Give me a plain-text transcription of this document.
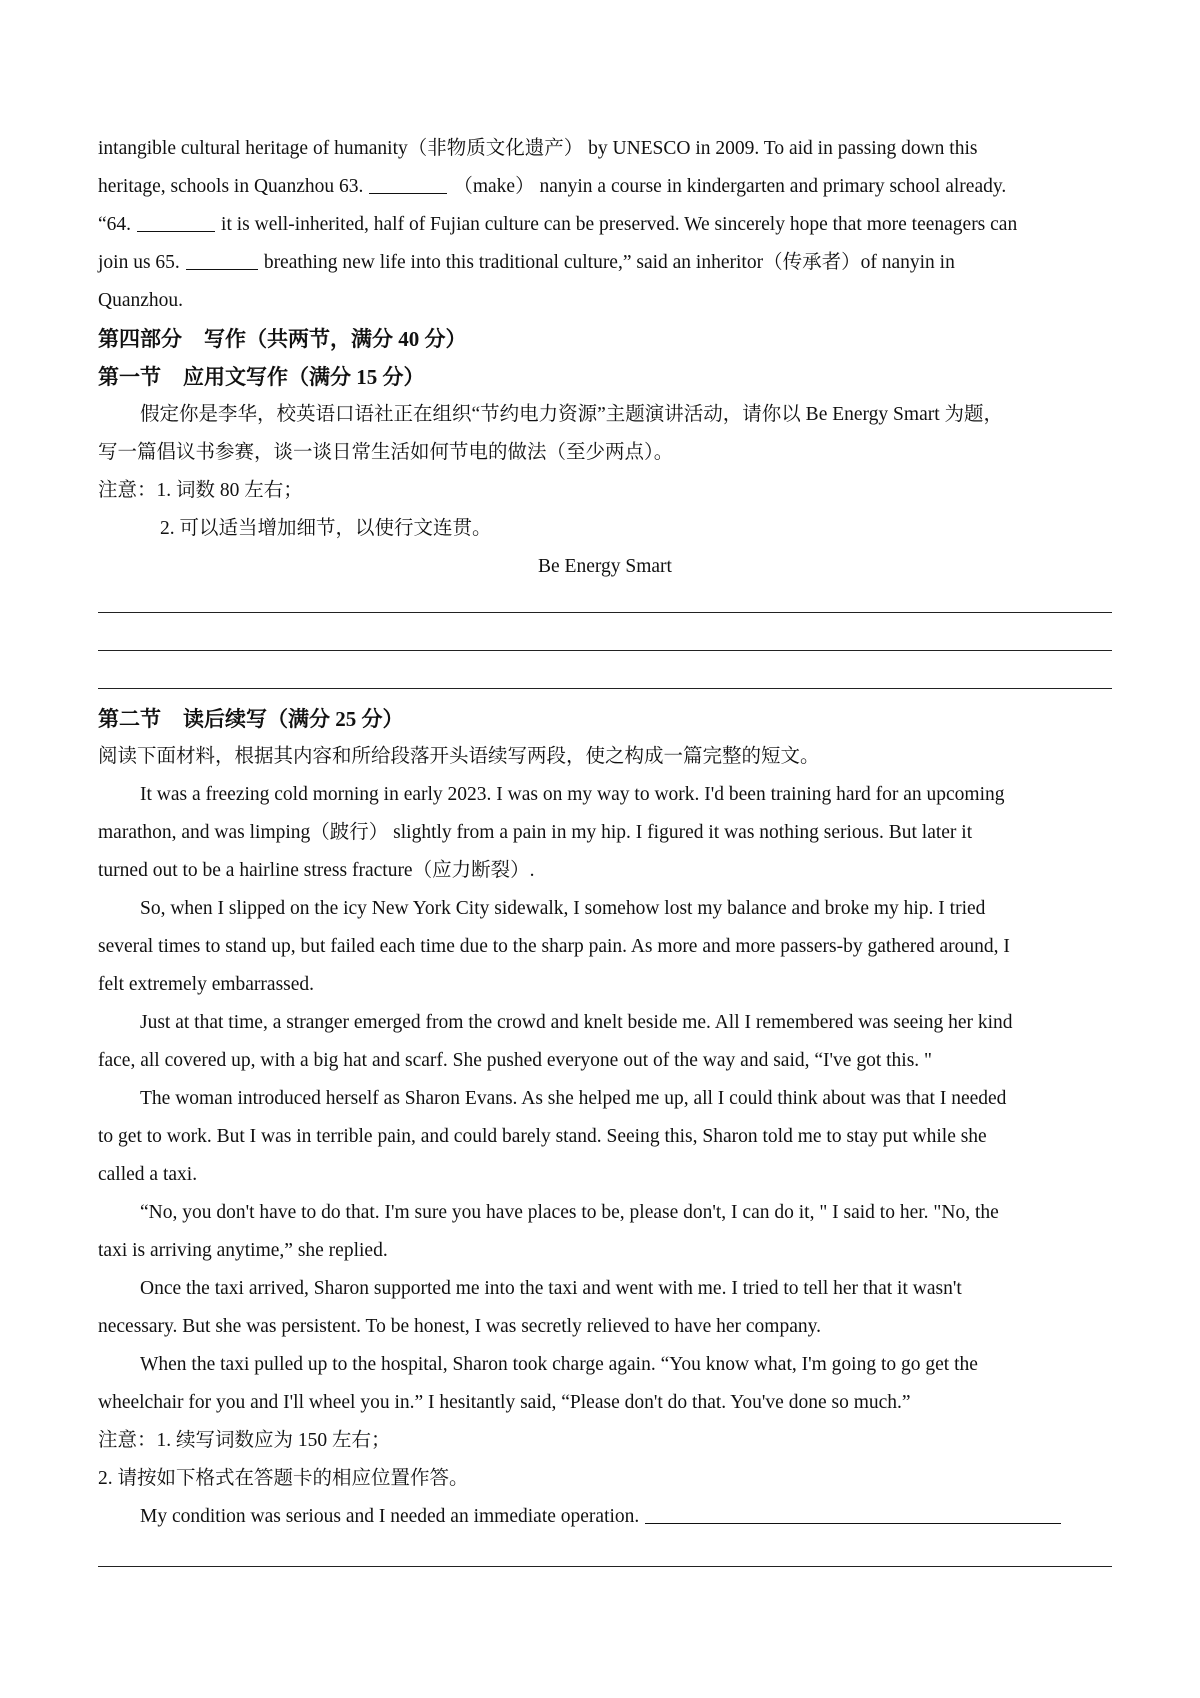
intangible cultural heritage of humanity（非物质文化遗产） by UNESCO in 2009. To aid in passing down this

heritage, schools in Quanzhou 63.	（make） nanyin a course in kindergarten and primary school already.

“64.	it is well-inherited, half of Fujian culture can be preserved. We sincerely hope that more teenagers can

join us 65.	breathing new life into this traditional culture,” said an inheritor（传承者）of nanyin in

Quanzhou.

第四部分 写作（共两节，满分 40 分）

第一节 应用文写作（满分 15 分）

假定你是李华，校英语口语社正在组织“节约电力资源”主题演讲活动，请你以 Be Energy Smart 为题，

写一篇倡议书参赛，谈一谈日常生活如何节电的做法（至少两点）。

注意：1. 词数 80 左右；

2. 可以适当增加细节，以使行文连贯。

Be Energy Smart

第二节 读后续写（满分 25 分）

阅读下面材料，根据其内容和所给段落开头语续写两段，使之构成一篇完整的短文。

It was a freezing cold morning in early 2023. I was on my way to work. I'd been training hard for an upcoming

marathon, and was limping（跛行） slightly from a pain in my hip. I figured it was nothing serious. But later it

turned out to be a hairline stress fracture（应力断裂）.

So, when I slipped on the icy New York City sidewalk, I somehow lost my balance and broke my hip. I tried

several times to stand up, but failed each time due to the sharp pain. As more and more passers-by gathered around, I

felt extremely embarrassed.

Just at that time, a stranger emerged from the crowd and knelt beside me. All I remembered was seeing her kind

face, all covered up, with a big hat and scarf. She pushed everyone out of the way and said, “I've got this. "

The woman introduced herself as Sharon Evans. As she helped me up, all I could think about was that I needed

to get to work. But I was in terrible pain, and could barely stand. Seeing this, Sharon told me to stay put while she

called a taxi.

“No, you don't have to do that. I'm sure you have places to be, please don't, I can do it, " I said to her. "No, the

taxi is arriving anytime,” she replied.

Once the taxi arrived, Sharon supported me into the taxi and went with me. I tried to tell her that it wasn't

necessary. But she was persistent. To be honest, I was secretly relieved to have her company.

When the taxi pulled up to the hospital, Sharon took charge again. “You know what, I'm going to go get the

wheelchair for you and I'll wheel you in.” I hesitantly said, “Please don't do that. You've done so much.”

注意：1. 续写词数应为 150 左右；

2. 请按如下格式在答题卡的相应位置作答。

My condition was serious and I needed an immediate operation.
